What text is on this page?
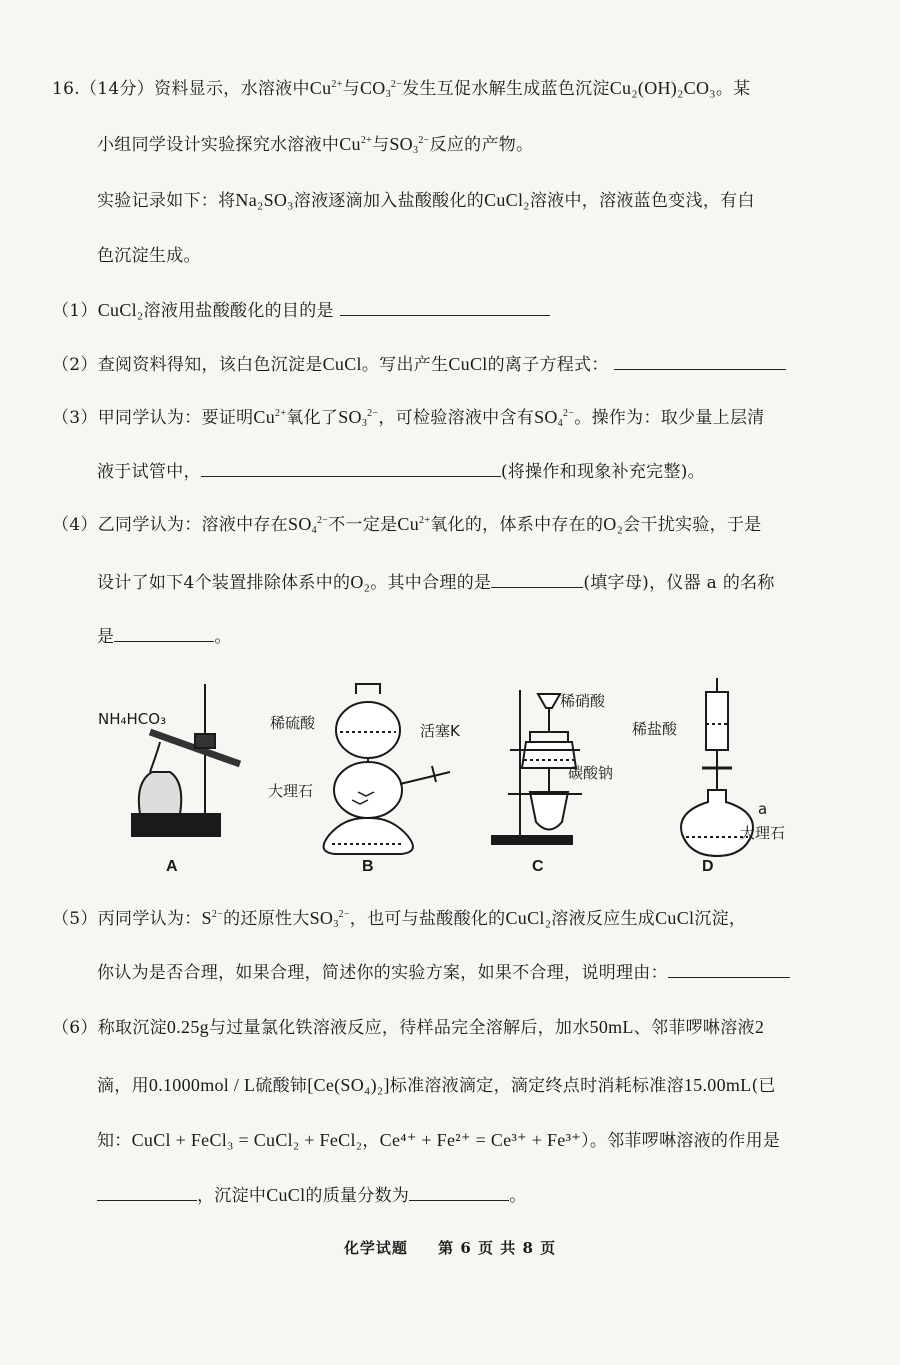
16.（14分）资料显示，水溶液中$Cu^{2+}$与$CO_3^{2-}$发生互促水解生成蓝色沉淀Cu₂(OH)₂CO₃。某
小组同学设计实验探究水溶液中$Cu^{2+}$与$SO_3^{2-}$反应的产物。
实验记录如下：将Na₂SO₃溶液逐滴加入盐酸酸化的CuCl₂溶液中，溶液蓝色变浅，有白
色沉淀生成。
（1）CuCl₂溶液用盐酸酸化的目的是
（2）查阅资料得知，该白色沉淀是CuCl。写出产生CuCl的离子方程式：
（3）甲同学认为：要证明$Cu^{2+}$氧化了$SO_3^{2-}$，可检验溶液中含有$SO_4^{2-}$。操作为：取少量上层清
液于试管中，	(将操作和现象补充完整)。
（4）乙同学认为：溶液中存在$SO_4^{2-}$不一定是$Cu^{2+}$氧化的，体系中存在的O₂会干扰实验，于是
设计了如下4个装置排除体系中的O₂。其中合理的是	(填字母)，仪器 a 的名称
是	。
NH₄HCO₃	稀硫酸	活塞K
大理石
稀硝酸
碳酸钠
稀盐酸
a
大理石
A	B	C	D
（5）丙同学认为：$S^{2-}$的还原性大$SO_3^{2-}$，也可与盐酸酸化的CuCl₂溶液反应生成CuCl沉淀，
你认为是否合理，如果合理，简述你的实验方案，如果不合理，说明理由：
（6）称取沉淀0.25g与过量氯化铁溶液反应，待样品完全溶解后，加水50mL、邻菲啰啉溶液2
滴，用0.1000mol / L硫酸铈[Ce(SO₄)₂]标准溶液滴定，滴定终点时消耗标准溶15.00mL(已
知：CuCl + FeCl₃ = CuCl₂ + FeCl₂，Ce⁴⁺ + Fe²⁺ = Ce³⁺ + Fe³⁺）。邻菲啰啉溶液的作用是
，沉淀中CuCl的质量分数为	。
化学试题 第 6 页 共 8 页
